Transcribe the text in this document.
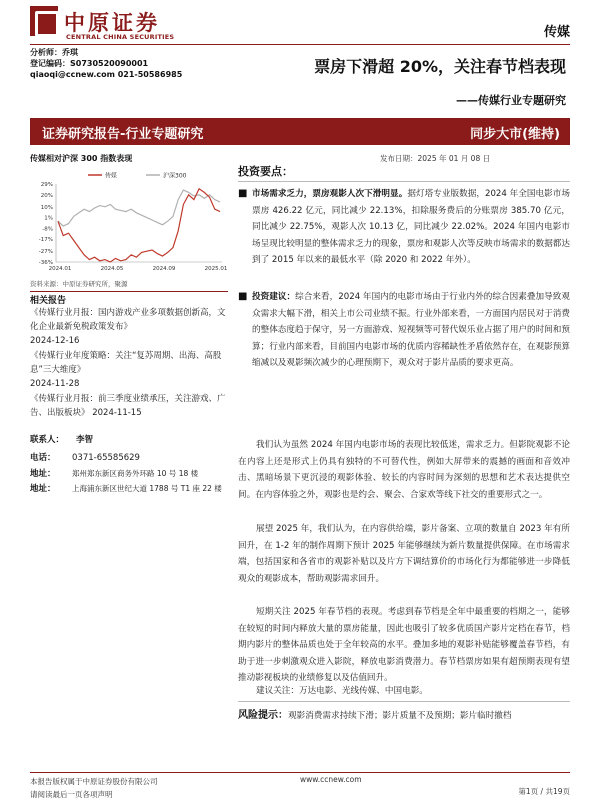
中原证券
CENTRAL CHINA SECURITIES	传媒
分析师：乔琪
登记编码：S0730520090001
qiaoqi@ccnew.com 021-50586985	票房下滑超 20%，关注春节档表现
——传媒行业专题研究
证券研究报告-行业专题研究	同步大市(维持)
传媒相对沪深 300 指数表现	发布日期：2025 年 01 月 08 日
29%
20%
10%
1%
-8%
-17%
-27%
-36%
2024.01	2024.05	2024.09	2025.01
传媒	沪深300
资料来源：中原证券研究所，聚源
相关报告
《传媒行业月报：国内游戏产业多项数据创新高，文化企业最新免税政策发布》
2024-12-16
《传媒行业年度策略：关注“复苏周期、出海、高股息”三大维度》
2024-11-28
《传媒行业月报：前三季度业绩承压，关注游戏、广告、出版板块》 2024-11-15
联系人： 李智
电话： 0371-65585629
地址： 郑州郑东新区商务外环路 10 号 18 楼
地址： 上海浦东新区世纪大道 1788 号 T1 座 22 楼
投资要点：
■ 市场需求乏力，票房观影人次下滑明显。据灯塔专业版数据，2024 年全国电影市场票房 426.22 亿元，同比减少 22.13%，扣除服务费后的分账票房 385.70 亿元，同比减少 22.75%，观影人次 10.13 亿，同比减少 22.02%。2024 年国内电影市场呈现比较明显的整体需求乏力的现象，票房和观影人次等反映市场需求的数据都达到了 2015 年以来的最低水平（除 2020 和 2022 年外）。
■ 投资建议：综合来看，2024 年国内的电影市场由于行业内外的综合因素叠加导致观众需求大幅下滑，相关上市公司业绩不振。行业外部来看，一方面国内居民对于消费的整体态度趋于保守，另一方面游戏、短视频等可替代娱乐业占据了用户的时间和预算；行业内部来看，目前国内电影市场的优质内容稀缺性矛盾依然存在，在观影预算缩减以及观影频次减少的心理预期下，观众对于影片品质的要求更高。
我们认为虽然 2024 年国内电影市场的表现比较低迷，需求乏力。但影院观影不论在内容上还是形式上仍具有独特的不可替代性，例如大屏带来的震撼的画面和音效冲击、黑暗场景下更沉浸的观影体验、较长的内容时间为深刻的思想和艺术表达提供空间。在内容体验之外，观影也是约会、聚会、合家欢等线下社交的重要形式之一。
展望 2025 年，我们认为，在内容供给端，影片备案、立项的数量自 2023 年有所回升，在 1-2 年的制作周期下预计 2025 年能够继续为新片数量提供保障。在市场需求端，包括国家和各省市的观影补贴以及片方下调结算价的市场化行为都能够进一步降低观众的观影成本，帮助观影需求回升。
短期关注 2025 年春节档的表现。考虑到春节档是全年中最重要的档期之一，能够在较短的时间内释放大量的票房能量，因此也吸引了较多优质国产影片定档在春节，档期内影片的整体品质也处于全年较高的水平。叠加多地的观影补贴能够覆盖春节档，有助于进一步刺激观众进入影院，释放电影消费潜力。春节档票房如果有超预期表现有望推动影视板块的业绩修复以及估值回升。
建议关注：万达电影、光线传媒、中国电影。
风险提示：观影消费需求持续下滑；影片质量不及预期；影片临时撤档
本报告版权属于中原证券股份有限公司
请阅读最后一页各项声明
www.ccnew.com
第1页 / 共19页
